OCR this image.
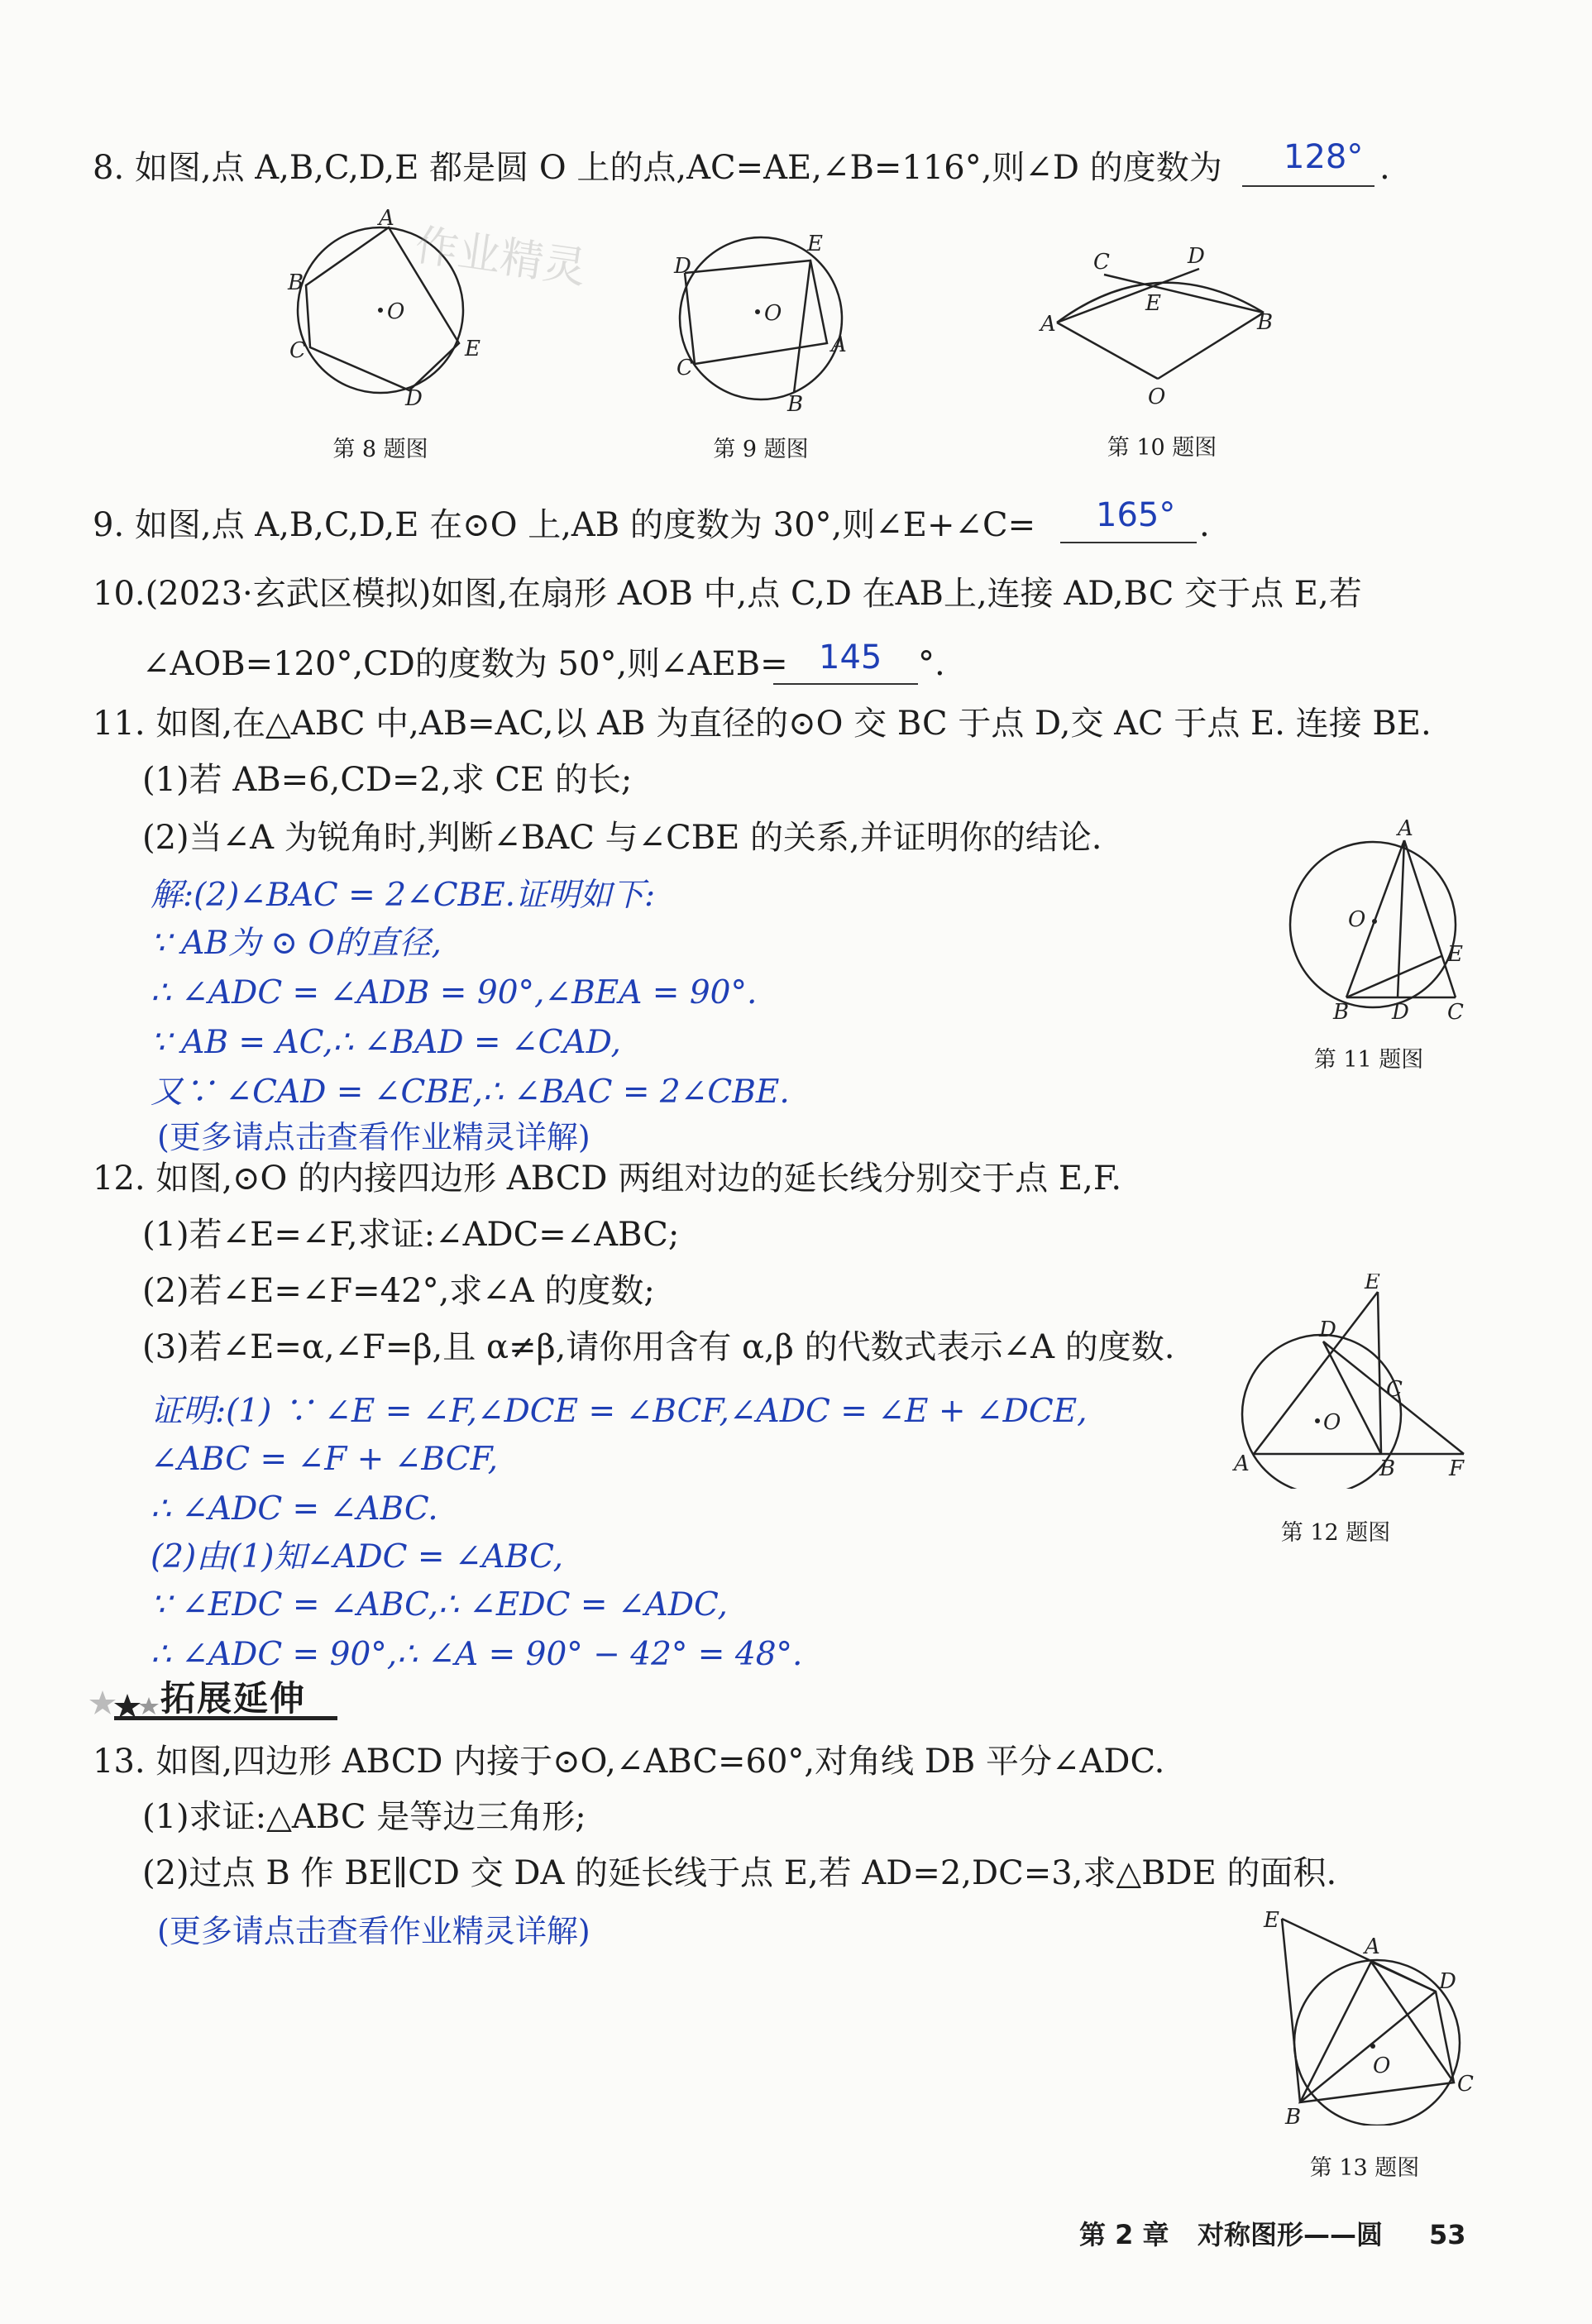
8. 如图,点 A,B,C,D,E 都是圆 O 上的点,AC=AE,∠B=116°,则∠D 的度数为 128° .
O
A
B
C
D
E
第 8 题图
O
D
E
A
C
B
第 9 题图
C	D
E
A	B
O
第 10 题图
9. 如图,点 A,B,C,D,E 在⊙O 上,AB 的度数为 30°,则∠E+∠C= 165° .
10.(2023·玄武区模拟)如图,在扇形 AOB 中,点 C,D 在AB上,连接 AD,BC 交于点 E,若
∠AOB=120°,CD的度数为 50°,则∠AEB= 145 °.
11. 如图,在△ABC 中,AB=AC,以 AB 为直径的⊙O 交 BC 于点 D,交 AC 于点 E. 连接 BE.
(1)若 AB=6,CD=2,求 CE 的长;
(2)当∠A 为锐角时,判断∠BAC 与∠CBE 的关系,并证明你的结论.
解:(2)∠BAC = 2∠CBE.证明如下:
∵ AB为 ⊙ O的直径,
∴ ∠ADC = ∠ADB = 90°,∠BEA = 90°.
∵ AB = AC,∴ ∠BAD = ∠CAD,
又∵ ∠CAD = ∠CBE,∴ ∠BAC = 2∠CBE.
(更多请点击查看作业精灵详解)
O
A
E
B D C
第 11 题图
12. 如图,⊙O 的内接四边形 ABCD 两组对边的延长线分别交于点 E,F.
(1)若∠E=∠F,求证:∠ADC=∠ABC;
(2)若∠E=∠F=42°,求∠A 的度数;
(3)若∠E=α,∠F=β,且 α≠β,请你用含有 α,β 的代数式表示∠A 的度数.
证明:(1) ∵ ∠E = ∠F,∠DCE = ∠BCF,∠ADC = ∠E + ∠DCE,
∠ABC = ∠F + ∠BCF,
∴ ∠ADC = ∠ABC.
(2)由(1)知∠ADC = ∠ABC,
∵ ∠EDC = ∠ABC,∴ ∠EDC = ∠ADC,
∴ ∠ADC = 90°,∴ ∠A = 90° − 42° = 48°.
O
E
D
C
A	B F
第 12 题图
拓展延伸
13. 如图,四边形 ABCD 内接于⊙O,∠ABC=60°,对角线 DB 平分∠ADC.
(1)求证:△ABC 是等边三角形;
(2)过点 B 作 BE∥CD 交 DA 的延长线于点 E,若 AD=2,DC=3,求△BDE 的面积.
(更多请点击查看作业精灵详解)
O
E
A
D
C
B
第 13 题图
第 2 章 对称图形——圆 53
作业精灵
